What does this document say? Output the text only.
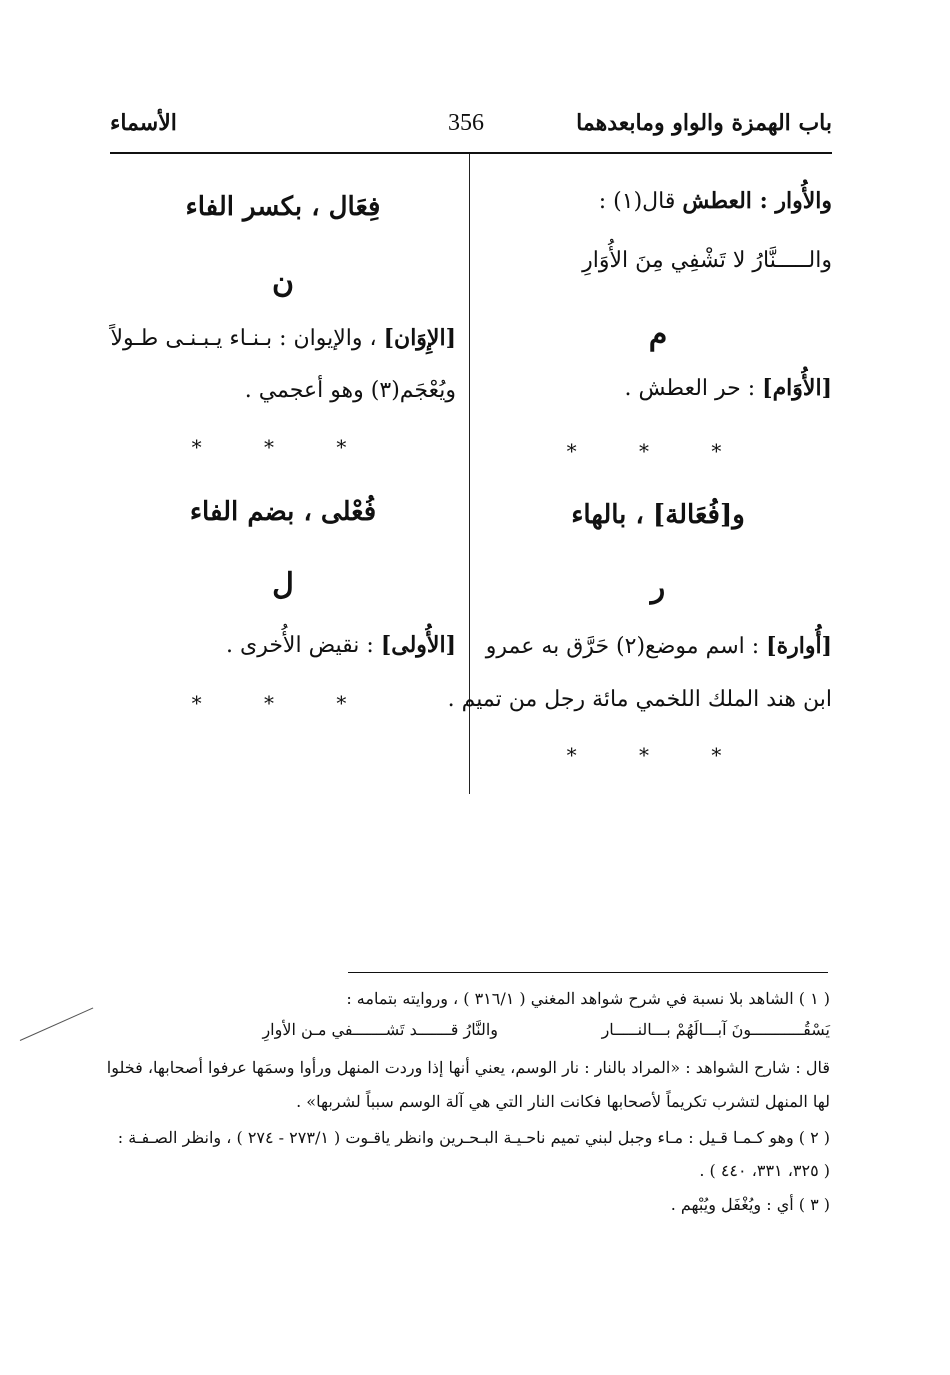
باب الهمزة والواو ومابعدهما
356
الأسماء
والأُوار : العطش قال(١) :
والـــــنَّارُ لا تَشْفِي مِنَ الأُوَارِ
م
[الأُوَام] : حر العطش .
* * *
و[فُعَالة] ، بالهاء
ر
[أُوارة] : اسم موضع(٢) حَرَّق به عمرو
ابن هند الملك اللخمي مائة رجل من تميم .
* * *
فِعَال ، بكسر الفاء
ن
[الإِوَان] ، والإيوان : بـنـاء يـبـنـى طـولاً
ويُعْجَم(٣) وهو أعجمي .
* * *
فُعْلى ، بضم الفاء
ل
[الأُولى] : نقيض الأُخرى .
* * *
( ١ ) الشاهد بلا نسبة في شرح شواهد المغني ( ٣١٦/١ ) ، وروايته بتمامه :
يَسْقُـــــــــــونَ آبـــالَهُمْ بـــالنـــــار
والنَّارُ قـــــــد تَشـــــــفي مـن الأوارِ
قال : شارح الشواهد : «المراد بالنار : نار الوسم، يعني أنها إذا وردت المنهل ورأوا وسمَها عرفوا أصحابها، فخلوا
لها المنهل لتشرب تكريماً لأصحابها فكانت النار التي هي آلة الوسم سبباً لشربها» .
( ٢ ) وهو كـمـا قـيل : مـاء وجبل لبني تميم ناحـيـة البـحـرين وانظر ياقـوت ( ٢٧٣/١ - ٢٧٤ ) ، وانظر الصـفـة :
( ٣٢٥، ٣٣١، ٤٤٠ ) .
( ٣ ) أي : ويُغْفَل ويُبْهم .
